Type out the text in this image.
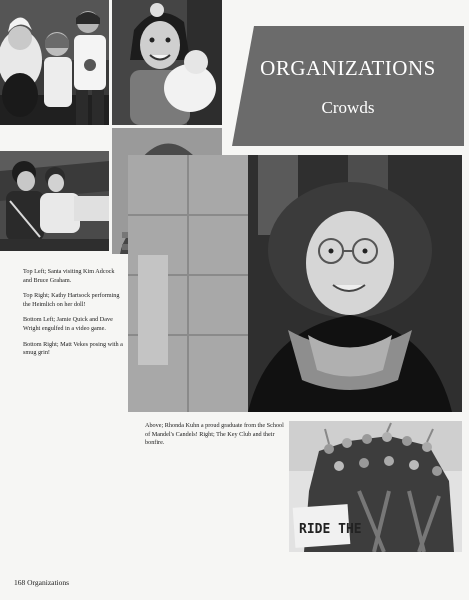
ORGANIZATIONS
Crowds

Top Left; Santa visiting Kim Adcock and Bruce Graham.

Top Right; Kathy Hartsock performing the Heimlich on her doll!

Bottom Left; Jamie Quick and Dave Wright engulfed in a video game.

Bottom Right; Matt Vekes posing with a smug grin!

Above; Rhonda Kuhn a proud graduate from the School of Mandel's Candels! Right; The Key Club and their bonfire.
RIDE THE
168 Organizations
